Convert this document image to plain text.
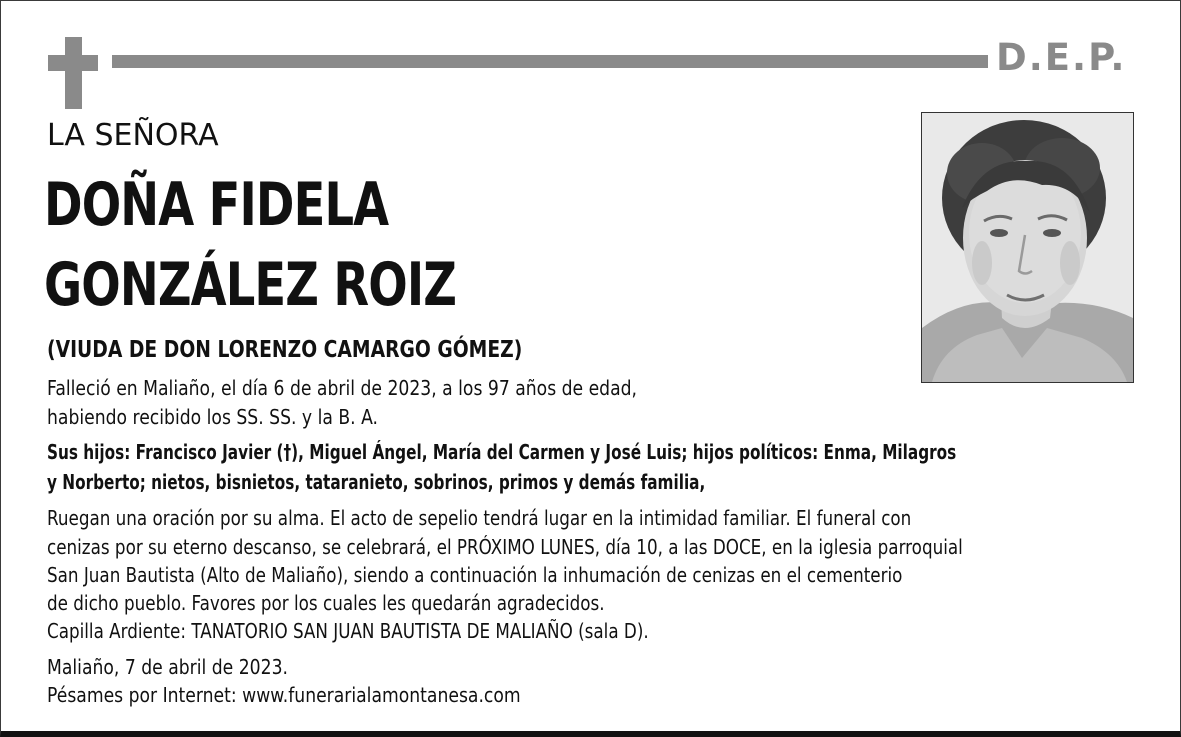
D.E.P.
LA SEÑORA
DOÑA FIDELA
GONZÁLEZ ROIZ
(VIUDA DE DON LORENZO CAMARGO GÓMEZ)
Falleció en Maliaño, el día 6 de abril de 2023, a los 97 años de edad,
habiendo recibido los SS. SS. y la B. A.
Sus hijos: Francisco Javier (†), Miguel Ángel, María del Carmen y José Luis; hijos políticos: Enma, Milagros
y Norberto; nietos, bisnietos, tataranieto, sobrinos, primos y demás familia,
Ruegan una oración por su alma. El acto de sepelio tendrá lugar en la intimidad familiar. El funeral con
cenizas por su eterno descanso, se celebrará, el PRÓXIMO LUNES, día 10, a las DOCE, en la iglesia parroquial
San Juan Bautista (Alto de Maliaño), siendo a continuación la inhumación de cenizas en el cementerio
de dicho pueblo. Favores por los cuales les quedarán agradecidos.
Capilla Ardiente: TANATORIO SAN JUAN BAUTISTA DE MALIAÑO (sala D).
Maliaño, 7 de abril de 2023.
Pésames por Internet: www.funerarialamontanesa.com
